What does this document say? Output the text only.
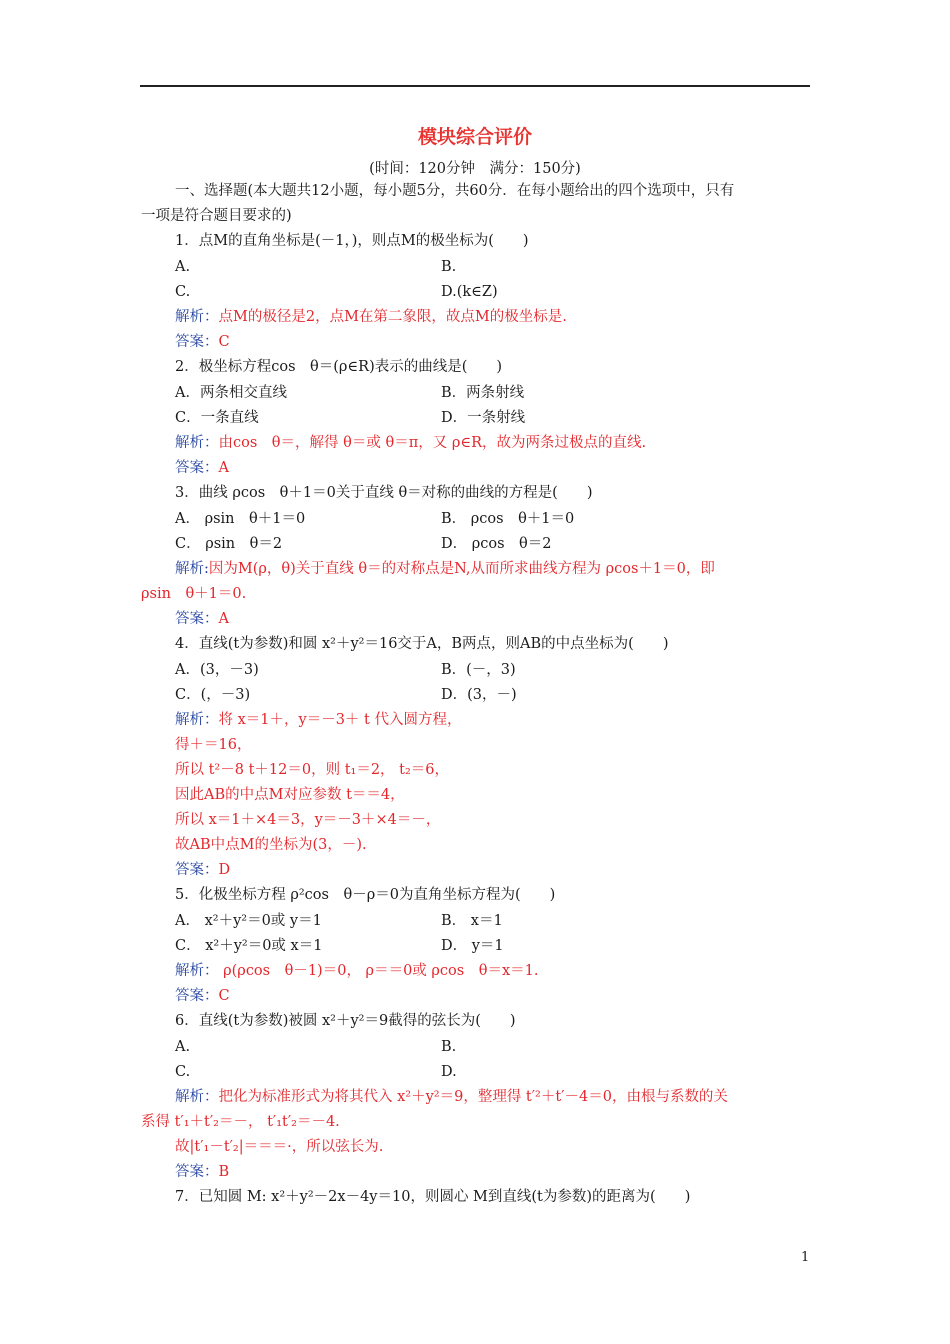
模块综合评价
(时间：120分钟　满分：150分)
一、选择题(本大题共12小题，每小题5分，共60分．在每小题给出的四个选项中，只有
一项是符合题目要求的)
1．点M的直角坐标是(－1，)，则点M的极坐标为(　　)
A.	B.
C.	D.(k∈Z)
解析：点M的极径是2，点M在第二象限，故点M的极坐标是.
答案：C
2．极坐标方程cos　θ＝(ρ∈R)表示的曲线是(　　)
A．两条相交直线	B．两条射线
C．一条直线	D．一条射线
解析：由cos　θ＝，解得 θ＝或 θ＝π，又 ρ∈R，故为两条过极点的直线.
答案：A
3．曲线 ρcos　θ＋1＝0关于直线 θ＝对称的曲线的方程是(　　)
A． ρsin　θ＋1＝0	B． ρcos　θ＋1＝0
C． ρsin　θ＝2	D． ρcos　θ＝2
解析:因为M(ρ，θ)关于直线 θ＝的对称点是N,从而所求曲线方程为 ρcos＋1＝0，即
ρsin　θ＋1＝0.
答案：A
4．直线(t为参数)和圆 x²＋y²＝16交于A，B两点，则AB的中点坐标为(　　)
A．(3，－3)	B．(－，3)
C．(，－3)	D．(3，－)
解析：将 x＝1＋，y＝－3＋ t 代入圆方程，
得＋＝16，
所以 t²－8 t＋12＝0，则 t₁＝2， t₂＝6，
因此AB的中点M对应参数 t＝＝4，
所以 x＝1＋×4＝3，y＝－3＋×4＝－，
故AB中点M的坐标为(3，－).
答案：D
5．化极坐标方程 ρ²cos　θ－ρ＝0为直角坐标方程为(　　)
A． x²＋y²＝0或 y＝1	B． x＝1
C． x²＋y²＝0或 x＝1	D． y＝1
解析： ρ(ρcos　θ－1)＝0， ρ＝＝0或 ρcos　θ＝x＝1.
答案：C
6．直线(t为参数)被圆 x²＋y²＝9截得的弦长为(　　)
A.	B.
C.	D.
解析：把化为标准形式为将其代入 x²＋y²＝9，整理得 t′²＋t′－4＝0，由根与系数的关
系得 t′₁＋t′₂＝－， t′₁t′₂＝－4.
故|t′₁－t′₂|＝＝＝·，所以弦长为.
答案：B
7．已知圆 M: x²＋y²－2x－4y＝10，则圆心 M到直线(t为参数)的距离为(　　)
1
